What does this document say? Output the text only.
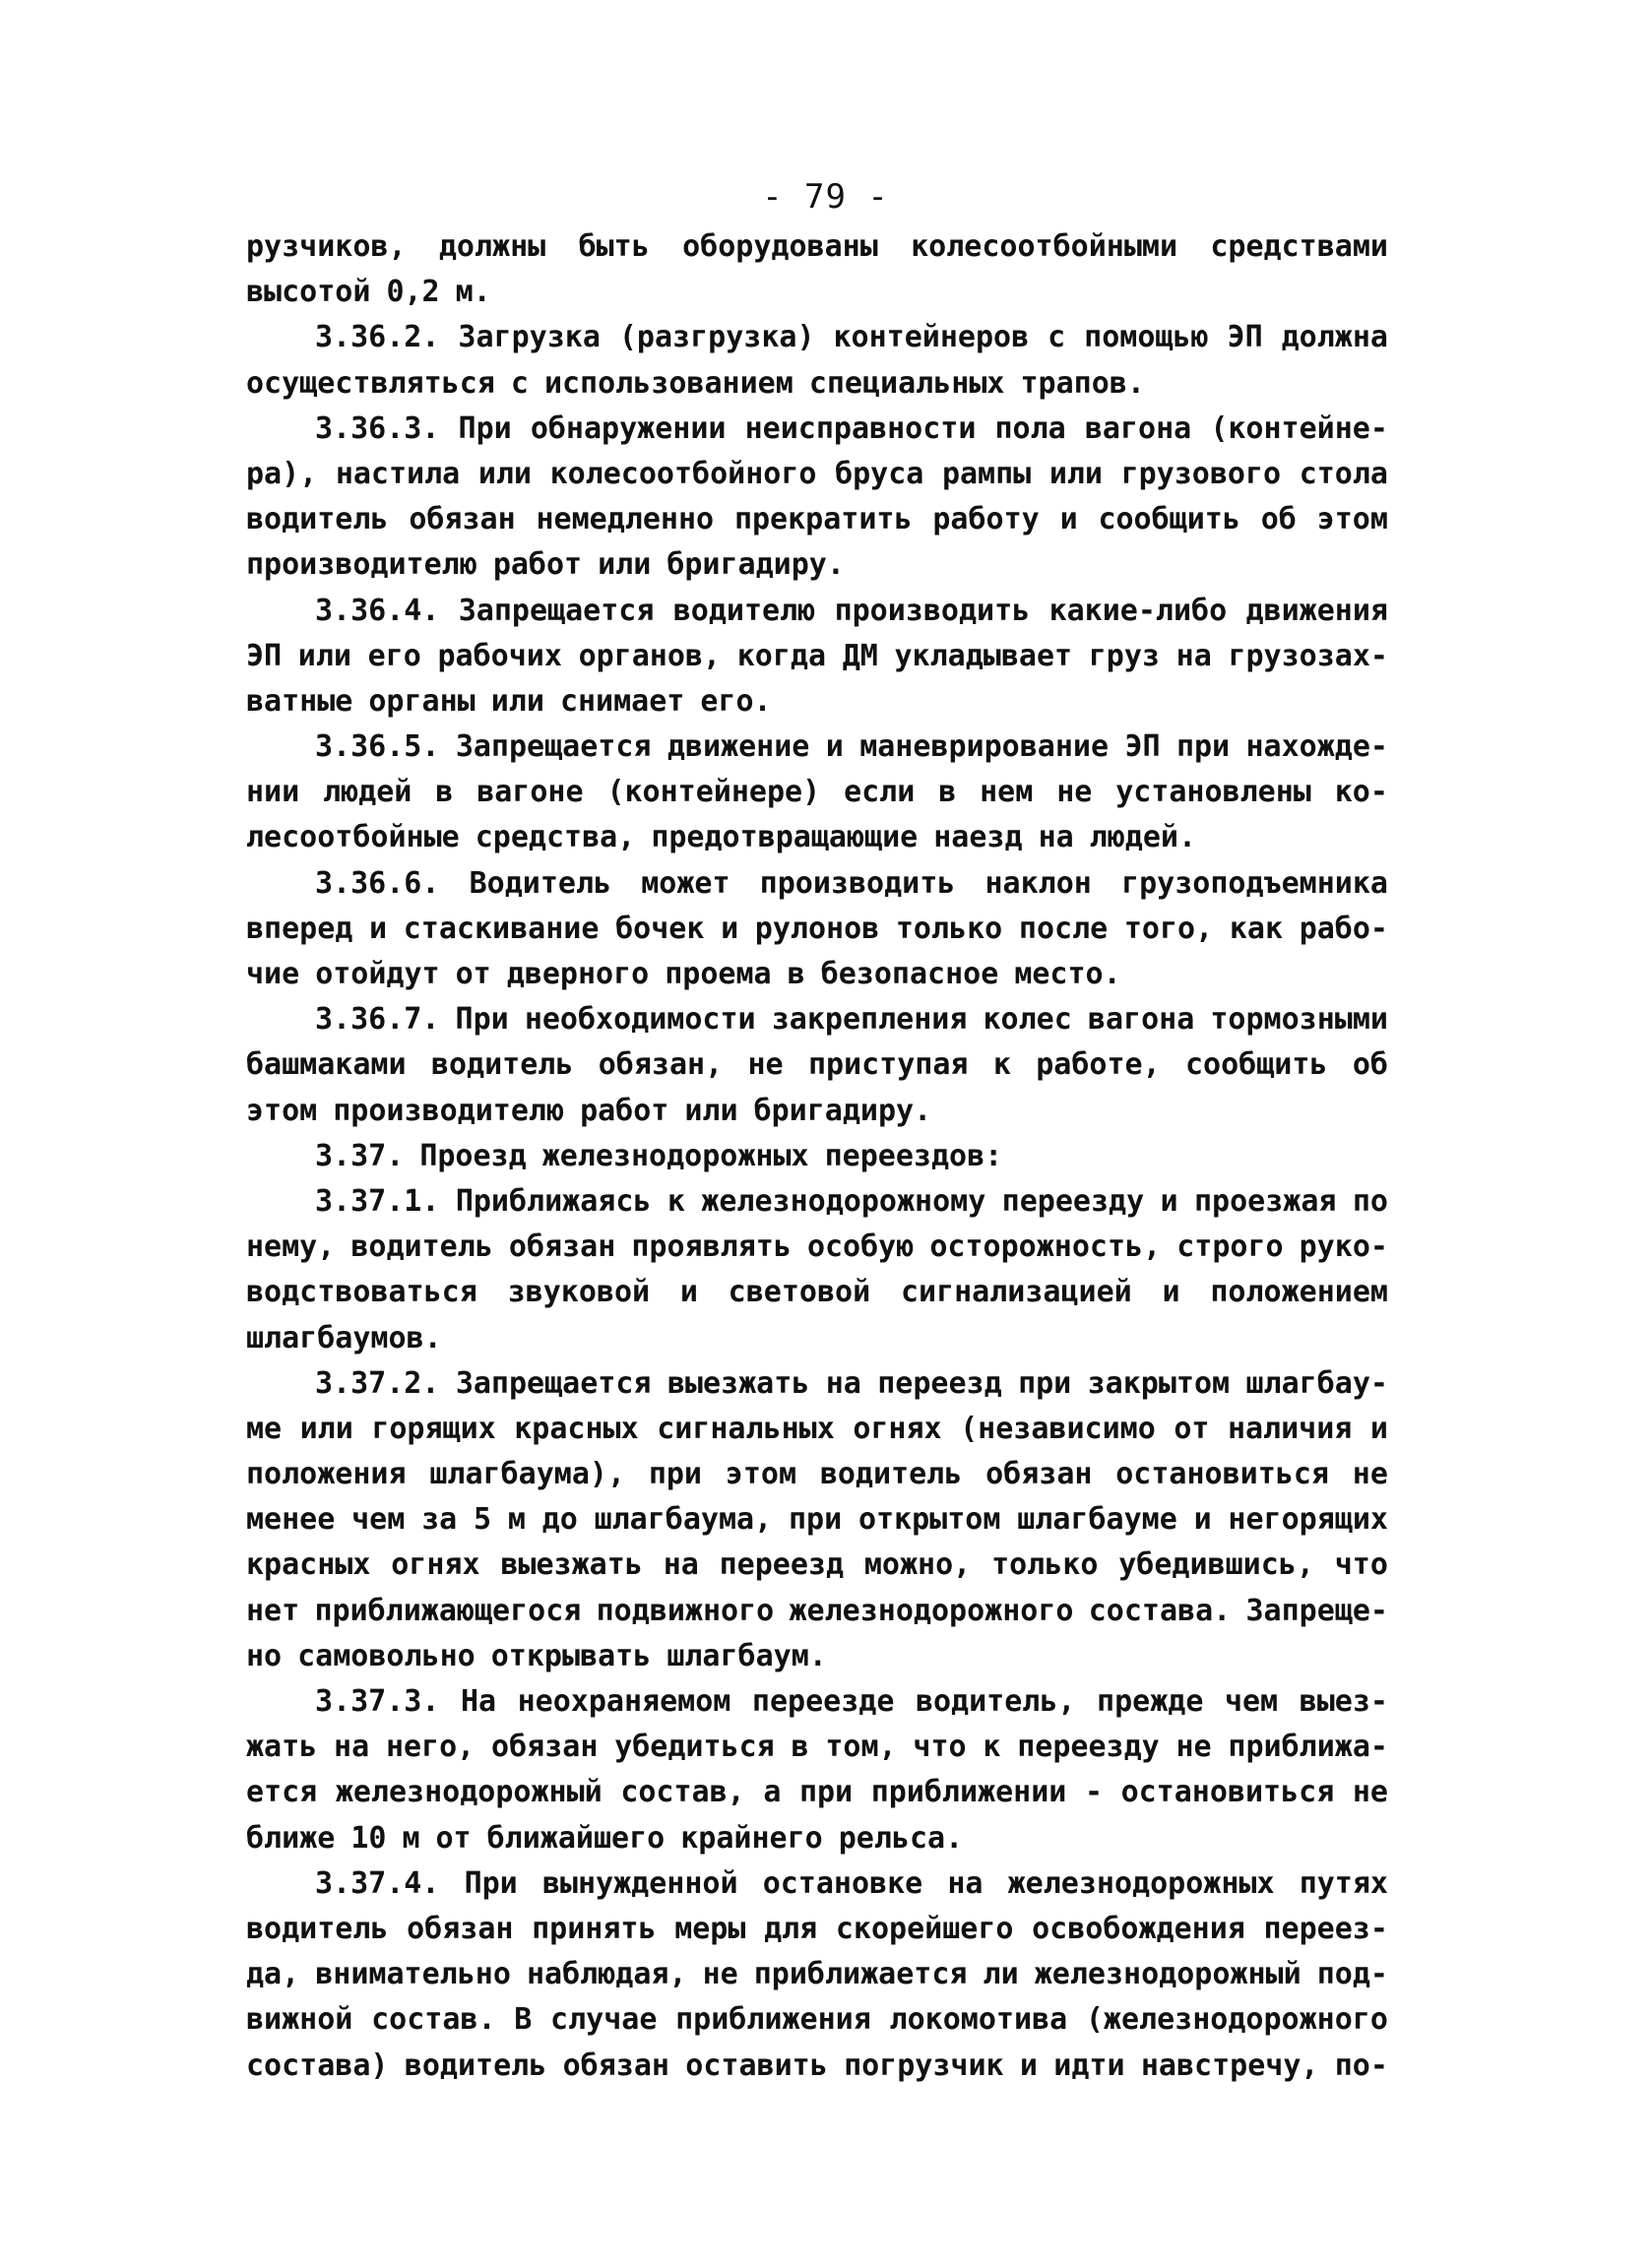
- 79 -
рузчиков, должны быть оборудованы колесоотбойными средствами
высотой 0,2 м.
3.36.2. Загрузка (разгрузка) контейнеров с помощью ЭП должна
осуществляться с использованием специальных трапов.
3.36.3. При обнаружении неисправности пола вагона (контейне-
ра), настила или колесоотбойного бруса рампы или грузового стола
водитель обязан немедленно прекратить работу и сообщить об этом
производителю работ или бригадиру.
3.36.4. Запрещается водителю производить какие-либо движения
ЭП или его рабочих органов, когда ДМ укладывает груз на грузозах-
ватные органы или снимает его.
3.36.5. Запрещается движение и маневрирование ЭП при нахожде-
нии людей в вагоне (контейнере) если в нем не установлены ко-
лесоотбойные средства, предотвращающие наезд на людей.
3.36.6. Водитель может производить наклон грузоподъемника
вперед и стаскивание бочек и рулонов только после того, как рабо-
чие отойдут от дверного проема в безопасное место.
3.36.7. При необходимости закрепления колес вагона тормозными
башмаками водитель обязан, не приступая к работе, сообщить об
этом производителю работ или бригадиру.
3.37. Проезд железнодорожных переездов:
3.37.1. Приближаясь к железнодорожному переезду и проезжая по
нему, водитель обязан проявлять особую осторожность, строго руко-
водствоваться звуковой и световой сигнализацией и положением
шлагбаумов.
3.37.2. Запрещается выезжать на переезд при закрытом шлагбау-
ме или горящих красных сигнальных огнях (независимо от наличия и
положения шлагбаума), при этом водитель обязан остановиться не
менее чем за 5 м до шлагбаума, при открытом шлагбауме и негорящих
красных огнях выезжать на переезд можно, только убедившись, что
нет приближающегося подвижного железнодорожного состава. Запреще-
но самовольно открывать шлагбаум.
3.37.3. На неохраняемом переезде водитель, прежде чем выез-
жать на него, обязан убедиться в том, что к переезду не приближа-
ется железнодорожный состав, а при приближении - остановиться не
ближе 10 м от ближайшего крайнего рельса.
3.37.4. При вынужденной остановке на железнодорожных путях
водитель обязан принять меры для скорейшего освобождения переез-
да, внимательно наблюдая, не приближается ли железнодорожный под-
вижной состав. В случае приближения локомотива (железнодорожного
состава) водитель обязан оставить погрузчик и идти навстречу, по-
